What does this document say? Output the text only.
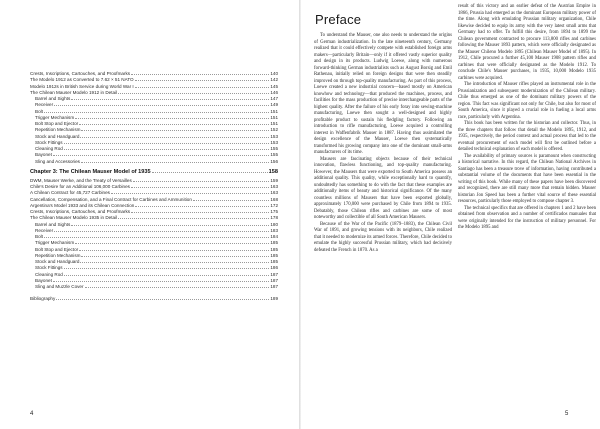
Crests, Inscriptions, Cartouches, and Proofmarks	140
The Modelo 1912 as Converted to 7.62 × 51 NATO	142
Modelo 1912s in British Service during World War I	145
The Chilean Mauser Modelo 1912 in Detail	146
Barrel and Sights	147
Receiver	149
Bolt	151
Trigger Mechanism	151
Bolt Stop and Ejector	151
Repetition Mechanism	152
Stock and Handguard	153
Stock Fittings	153
Cleaning Rod	155
Bayonet	155
Sling and Accessories	156
Chapter 3: The Chilean Mauser Model of 1935	158
DWM, Mauser Werke, and the Treaty of Versailles	159
Chile's Desire for an Additional 106,000 Carbines	163
A Chilean Contract for 45,727 Carbines	163
Cancellation, Compensation, and a Final Contract for Carbines and Ammunition	168
Argentina's Model 1933 and its Chilean Connection	172
Crests, Inscriptions, Cartouches, and Proofmarks	175
The Chilean Mauser Modelo 1935 in Detail	178
Barrel and Sights	180
Receiver	183
Bolt	184
Trigger Mechanism	185
Bolt Stop and Ejector	185
Repetition Mechanism	185
Stock and Handguard	185
Stock Fittings	186
Cleaning Rod	187
Bayonet	187
Sling and Muzzle Cover	187
Bibliography	189
4
Preface

To understand the Mauser, one also needs to understand the origins of German industrialization. In the late nineteenth century, Germany realized that it could effectively compete with established foreign arms makers—particularly Britain—only if it offered vastly superior quality and design in its products. Ludwig Loewe, along with numerous forward-thinking German industrialists such as August Borsig and Emil Rathenau, initially relied on foreign designs that were then steadily improved on through top-quality manufacturing. As part of this process, Loewe created a new industrial concern—based mostly on American knowhow and technology—that produced the machines, process, and facilities for the mass production of precise interchangeable parts of the highest quality. After the failure of his early foray into sewing-machine manufacturing, Loewe then sought a well-designed and highly profitable product to sustain his fledgling factory. Following an introduction to rifle manufacturing, Loewe acquired a controlling interest in Waffenfabrik Mauser in 1887. Having thus assimilated the design excellence of the Mauser, Loewe then systematically transformed his growing company into one of the dominant small-arms manufacturers of its time.

Mausers are fascinating objects because of their technical innovation, flawless functioning, and top-quality manufacturing. However, the Mausers that were exported to South America possess an additional quality. This quality, while exceptionally hard to quantify, undoubtedly has something to do with the fact that these examples are additionally items of beauty and historical significance. Of the many countless millions of Mausers that have been exported globally, approximately 170,000 were purchased by Chile from 1894 to 1935. Debatably, those Chilean rifles and carbines are some of most noteworthy and collectible of all South American Mausers.

Because of the War of the Pacific (1879–1883), the Chilean Civil War of 1891, and growing tensions with its neighbors, Chile realized that it needed to modernize its armed forces. Therefore, Chile decided to emulate the highly successful Prussian military, which had decisively defeated the French in 1870. As a

result of this victory and an earlier defeat of the Austrian Empire in 1866, Prussia had emerged as the dominant European military power of the time. Along with emulating Prussian military organization, Chile likewise decided to equip its army with the very latest small arms that Germany had to offer. To fulfill this desire, from 1894 to 1899 the Chilean government contracted to procure 113,800 rifles and carbines following the Mauser 1893 pattern, which were officially designated as the Mauser Chileno Modelo 1895 (Chilean Mauser Model of 1895). In 1912, Chile procured a further 45,100 Mauser 1908 pattern rifles and carbines that were officially designated as the Modelo 1912. To conclude Chile's Mauser purchases, in 1935, 10,000 Modelo 1935 carbines were acquired.

The introduction of Mauser rifles played an instrumental role in the Prussianization and subsequent modernization of the Chilean military. Chile thus emerged as one of the dominant military powers of the region. This fact was significant not only for Chile, but also for most of South America, since it played a crucial role in fueling a local arms race, particularly with Argentina.

This book has been written for the historian and collector. Thus, in the three chapters that follow that detail the Modelo 1895, 1912, and 1935, respectively, the period context and actual process that led to the eventual procurement of each model will first be outlined before a detailed technical explanation of each model is offered.

The availability of primary sources is paramount when constructing a historical narrative. In this regard, the Chilean National Archives in Santiago has been a treasure trove of information, having contributed a substantial volume of the documents that have been essential in the writing of this book. While many of these papers have been discovered and recognized, there are still many more that remain hidden. Mauser historian Jon Speed has been a further vital source of these essential resources, particularly those employed to compose chapter 3.

The technical specifics that are offered in chapters 1 and 2 have been obtained from observation and a number of certificados manuales that were originally intended for the instruction of military personnel. For the Modelo 1895 and

5
